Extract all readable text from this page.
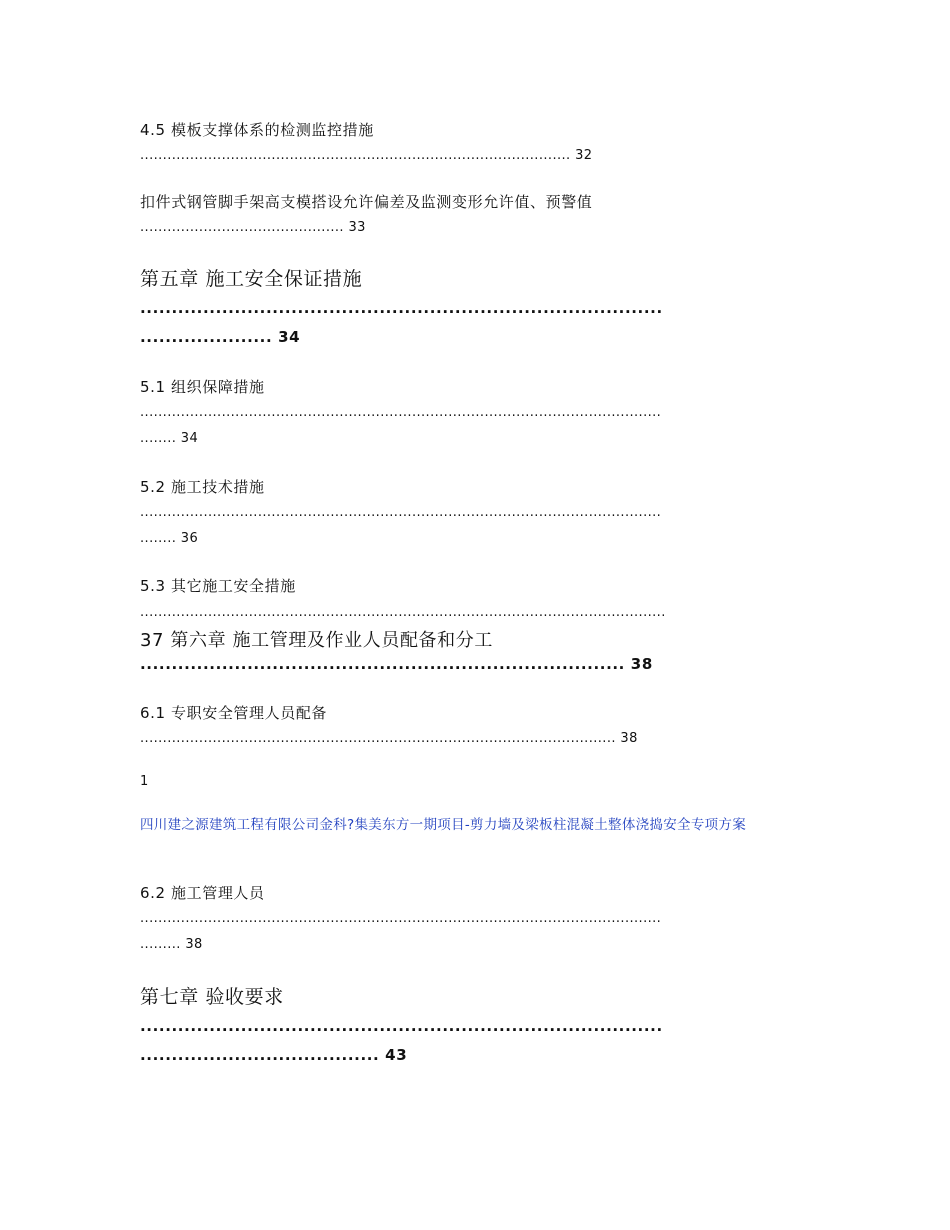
4.5 模板支撑体系的检测监控措施
............................................................................................... 32
扣件式钢管脚手架高支模搭设允许偏差及监测变形允许值、预警值
............................................. 33
第五章 施工安全保证措施
...................................................................................
..................... 34
5.1 组织保障措施
...................................................................................................................
........ 34
5.2 施工技术措施
...................................................................................................................
........ 36
5.3 其它施工安全措施
....................................................................................................................
37 第六章 施工管理及作业人员配备和分工
............................................................................. 38
6.1 专职安全管理人员配备
......................................................................................................... 38
1
四川建之源建筑工程有限公司金科?集美东方一期项目-剪力墙及梁板柱混凝土整体浇捣安全专项方案
6.2 施工管理人员
...................................................................................................................
......... 38
第七章 验收要求
...................................................................................
...................................... 43
